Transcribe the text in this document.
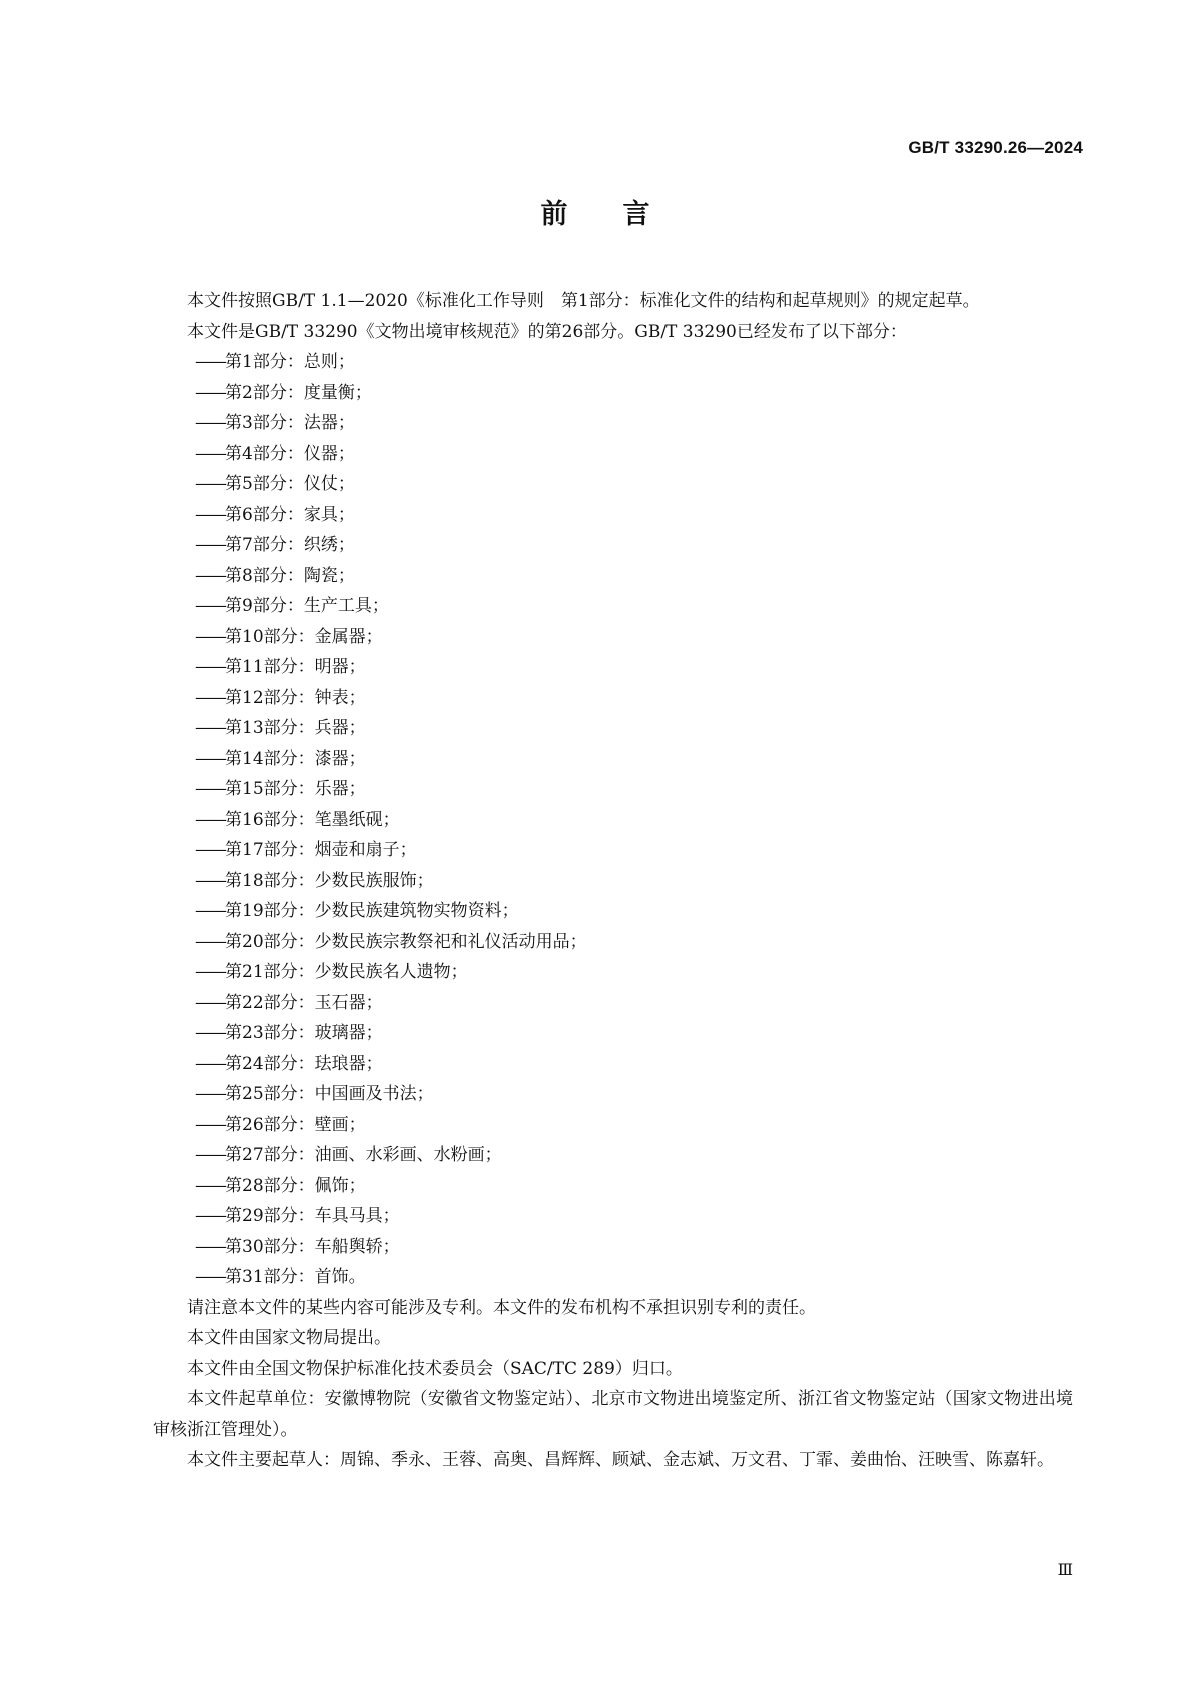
GB/T 33290.26—2024
前 言

本文件按照GB/T 1.1—2020《标准化工作导则　第1部分：标准化文件的结构和起草规则》的规定起草。

本文件是GB/T 33290《文物出境审核规范》的第26部分。GB/T 33290已经发布了以下部分：

——第1部分：总则；
——第2部分：度量衡；
——第3部分：法器；
——第4部分：仪器；
——第5部分：仪仗；
——第6部分：家具；
——第7部分：织绣；
——第8部分：陶瓷；
——第9部分：生产工具；
——第10部分：金属器；
——第11部分：明器；
——第12部分：钟表；
——第13部分：兵器；
——第14部分：漆器；
——第15部分：乐器；
——第16部分：笔墨纸砚；
——第17部分：烟壶和扇子；
——第18部分：少数民族服饰；
——第19部分：少数民族建筑物实物资料；
——第20部分：少数民族宗教祭祀和礼仪活动用品；
——第21部分：少数民族名人遗物；
——第22部分：玉石器；
——第23部分：玻璃器；
——第24部分：珐琅器；
——第25部分：中国画及书法；
——第26部分：壁画；
——第27部分：油画、水彩画、水粉画；
——第28部分：佩饰；
——第29部分：车具马具；
——第30部分：车船舆轿；
——第31部分：首饰。

请注意本文件的某些内容可能涉及专利。本文件的发布机构不承担识别专利的责任。

本文件由国家文物局提出。

本文件由全国文物保护标准化技术委员会（SAC/TC 289）归口。

本文件起草单位：安徽博物院（安徽省文物鉴定站）、北京市文物进出境鉴定所、浙江省文物鉴定站（国家文物进出境审核浙江管理处）。

本文件主要起草人：周锦、季永、王蓉、高奥、昌辉辉、顾斌、金志斌、万文君、丁霏、姜曲怡、汪映雪、陈嘉轩。

Ⅲ
